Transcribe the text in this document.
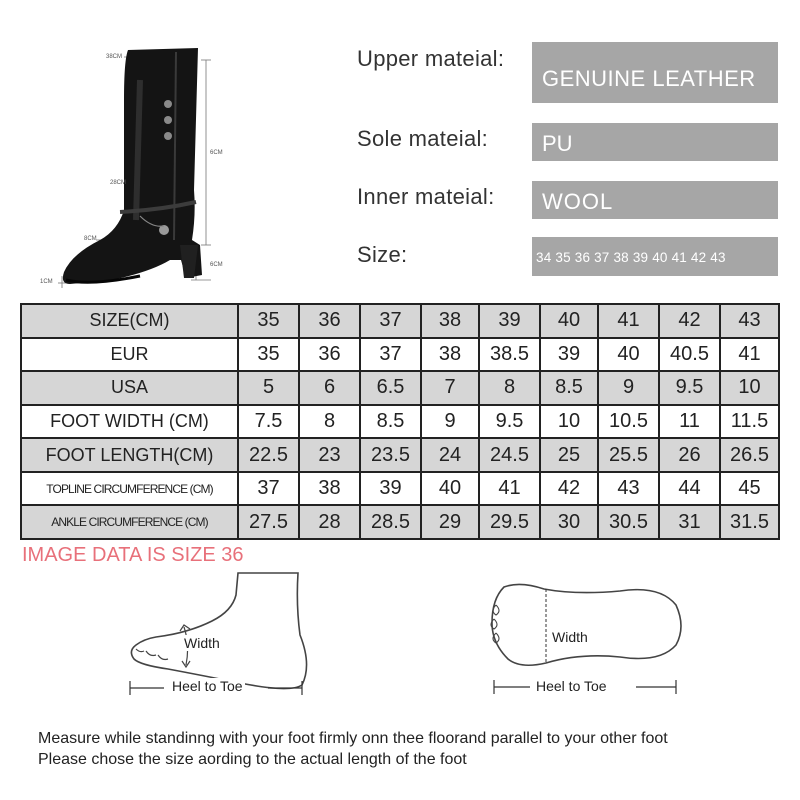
38CM
6CM
28CM
8CM
6CM
1CM
Upper mateial:
GENUINE LEATHER
Sole mateial: PU
Inner mateial: WOOL
Size:	34 35 36 37 38 39 40 41 42 43
SIZE(CM)	35	36	37	38	39	40	41	42	43
EUR	35	36	37	38	38.5	39	40	40.5	41
USA	5	6	6.5	7	8	8.5	9	9.5	10
FOOT WIDTH (CM)	7.5	8	8.5	9	9.5	10	10.5	11	11.5
FOOT LENGTH(CM)	22.5	23	23.5	24	24.5	25	25.5	26	26.5
TOPLINE CIRCUMFERENCE (CM)	37	38	39	40	41	42	43	44	45
ANKLE CIRCUMFERENCE (CM)	27.5	28	28.5	29	29.5	30	30.5	31	31.5
IMAGE DATA IS SIZE 36
Width
Heel to Toe
Width
Heel to Toe
Measure while standinng with your foot firmly onn thee floorand parallel to your other foot
Please chose the size aording to the actual length of the foot
